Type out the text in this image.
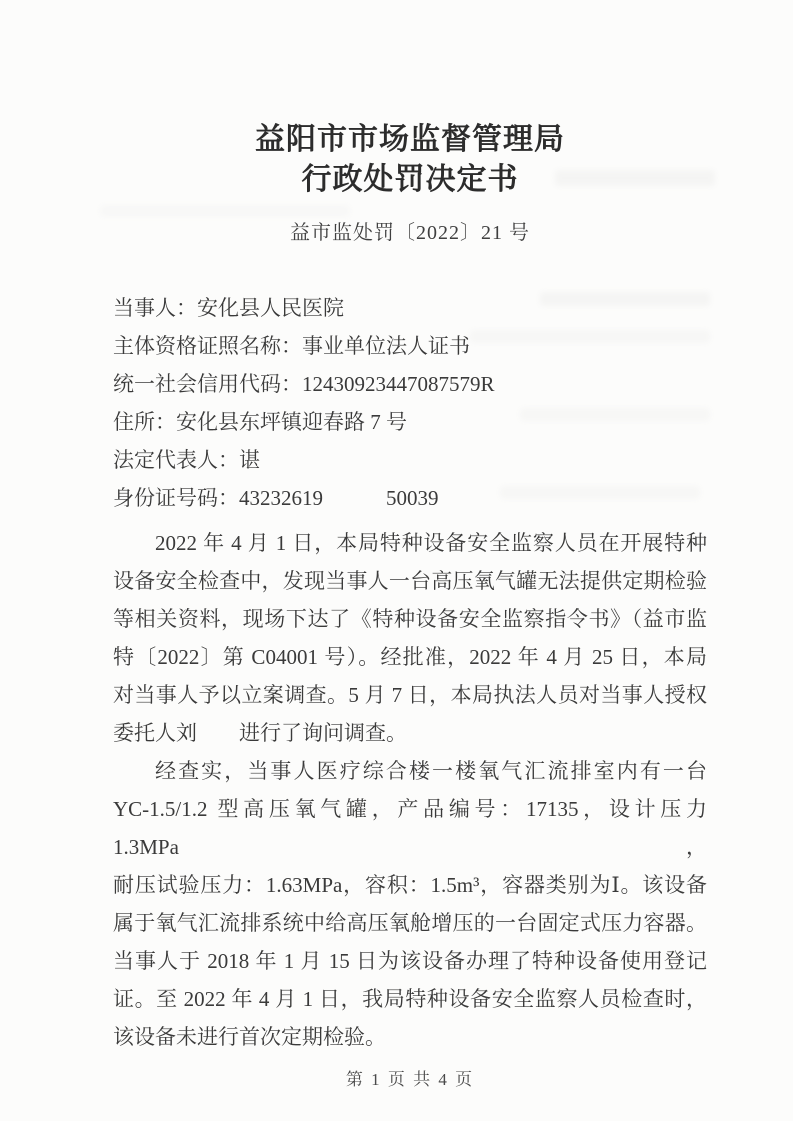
益阳市市场监督管理局
行政处罚决定书
益市监处罚〔2022〕21 号
当事人：安化县人民医院
主体资格证照名称：事业单位法人证书
统一社会信用代码：12430923447087579R
住所：安化县东坪镇迎春路 7 号
法定代表人：谌
身份证号码：43232619　　　50039
2022 年 4 月 1 日，本局特种设备安全监察人员在开展特种
设备安全检查中，发现当事人一台高压氧气罐无法提供定期检验
等相关资料，现场下达了《特种设备安全监察指令书》（益市监
特〔2022〕第 C04001 号）。经批准，2022 年 4 月 25 日，本局
对当事人予以立案调查。5 月 7 日，本局执法人员对当事人授权
委托人刘　　进行了询问调查。
经查实，当事人医疗综合楼一楼氧气汇流排室内有一台
YC-1.5/1.2 型高压氧气罐，产品编号：17135，设计压力 1.3MPa，
耐压试验压力：1.63MPa，容积：1.5m³，容器类别为Ⅰ。该设备
属于氧气汇流排系统中给高压氧舱增压的一台固定式压力容器。
当事人于 2018 年 1 月 15 日为该设备办理了特种设备使用登记
证。至 2022 年 4 月 1 日，我局特种设备安全监察人员检查时，
该设备未进行首次定期检验。
第 1 页 共 4 页
